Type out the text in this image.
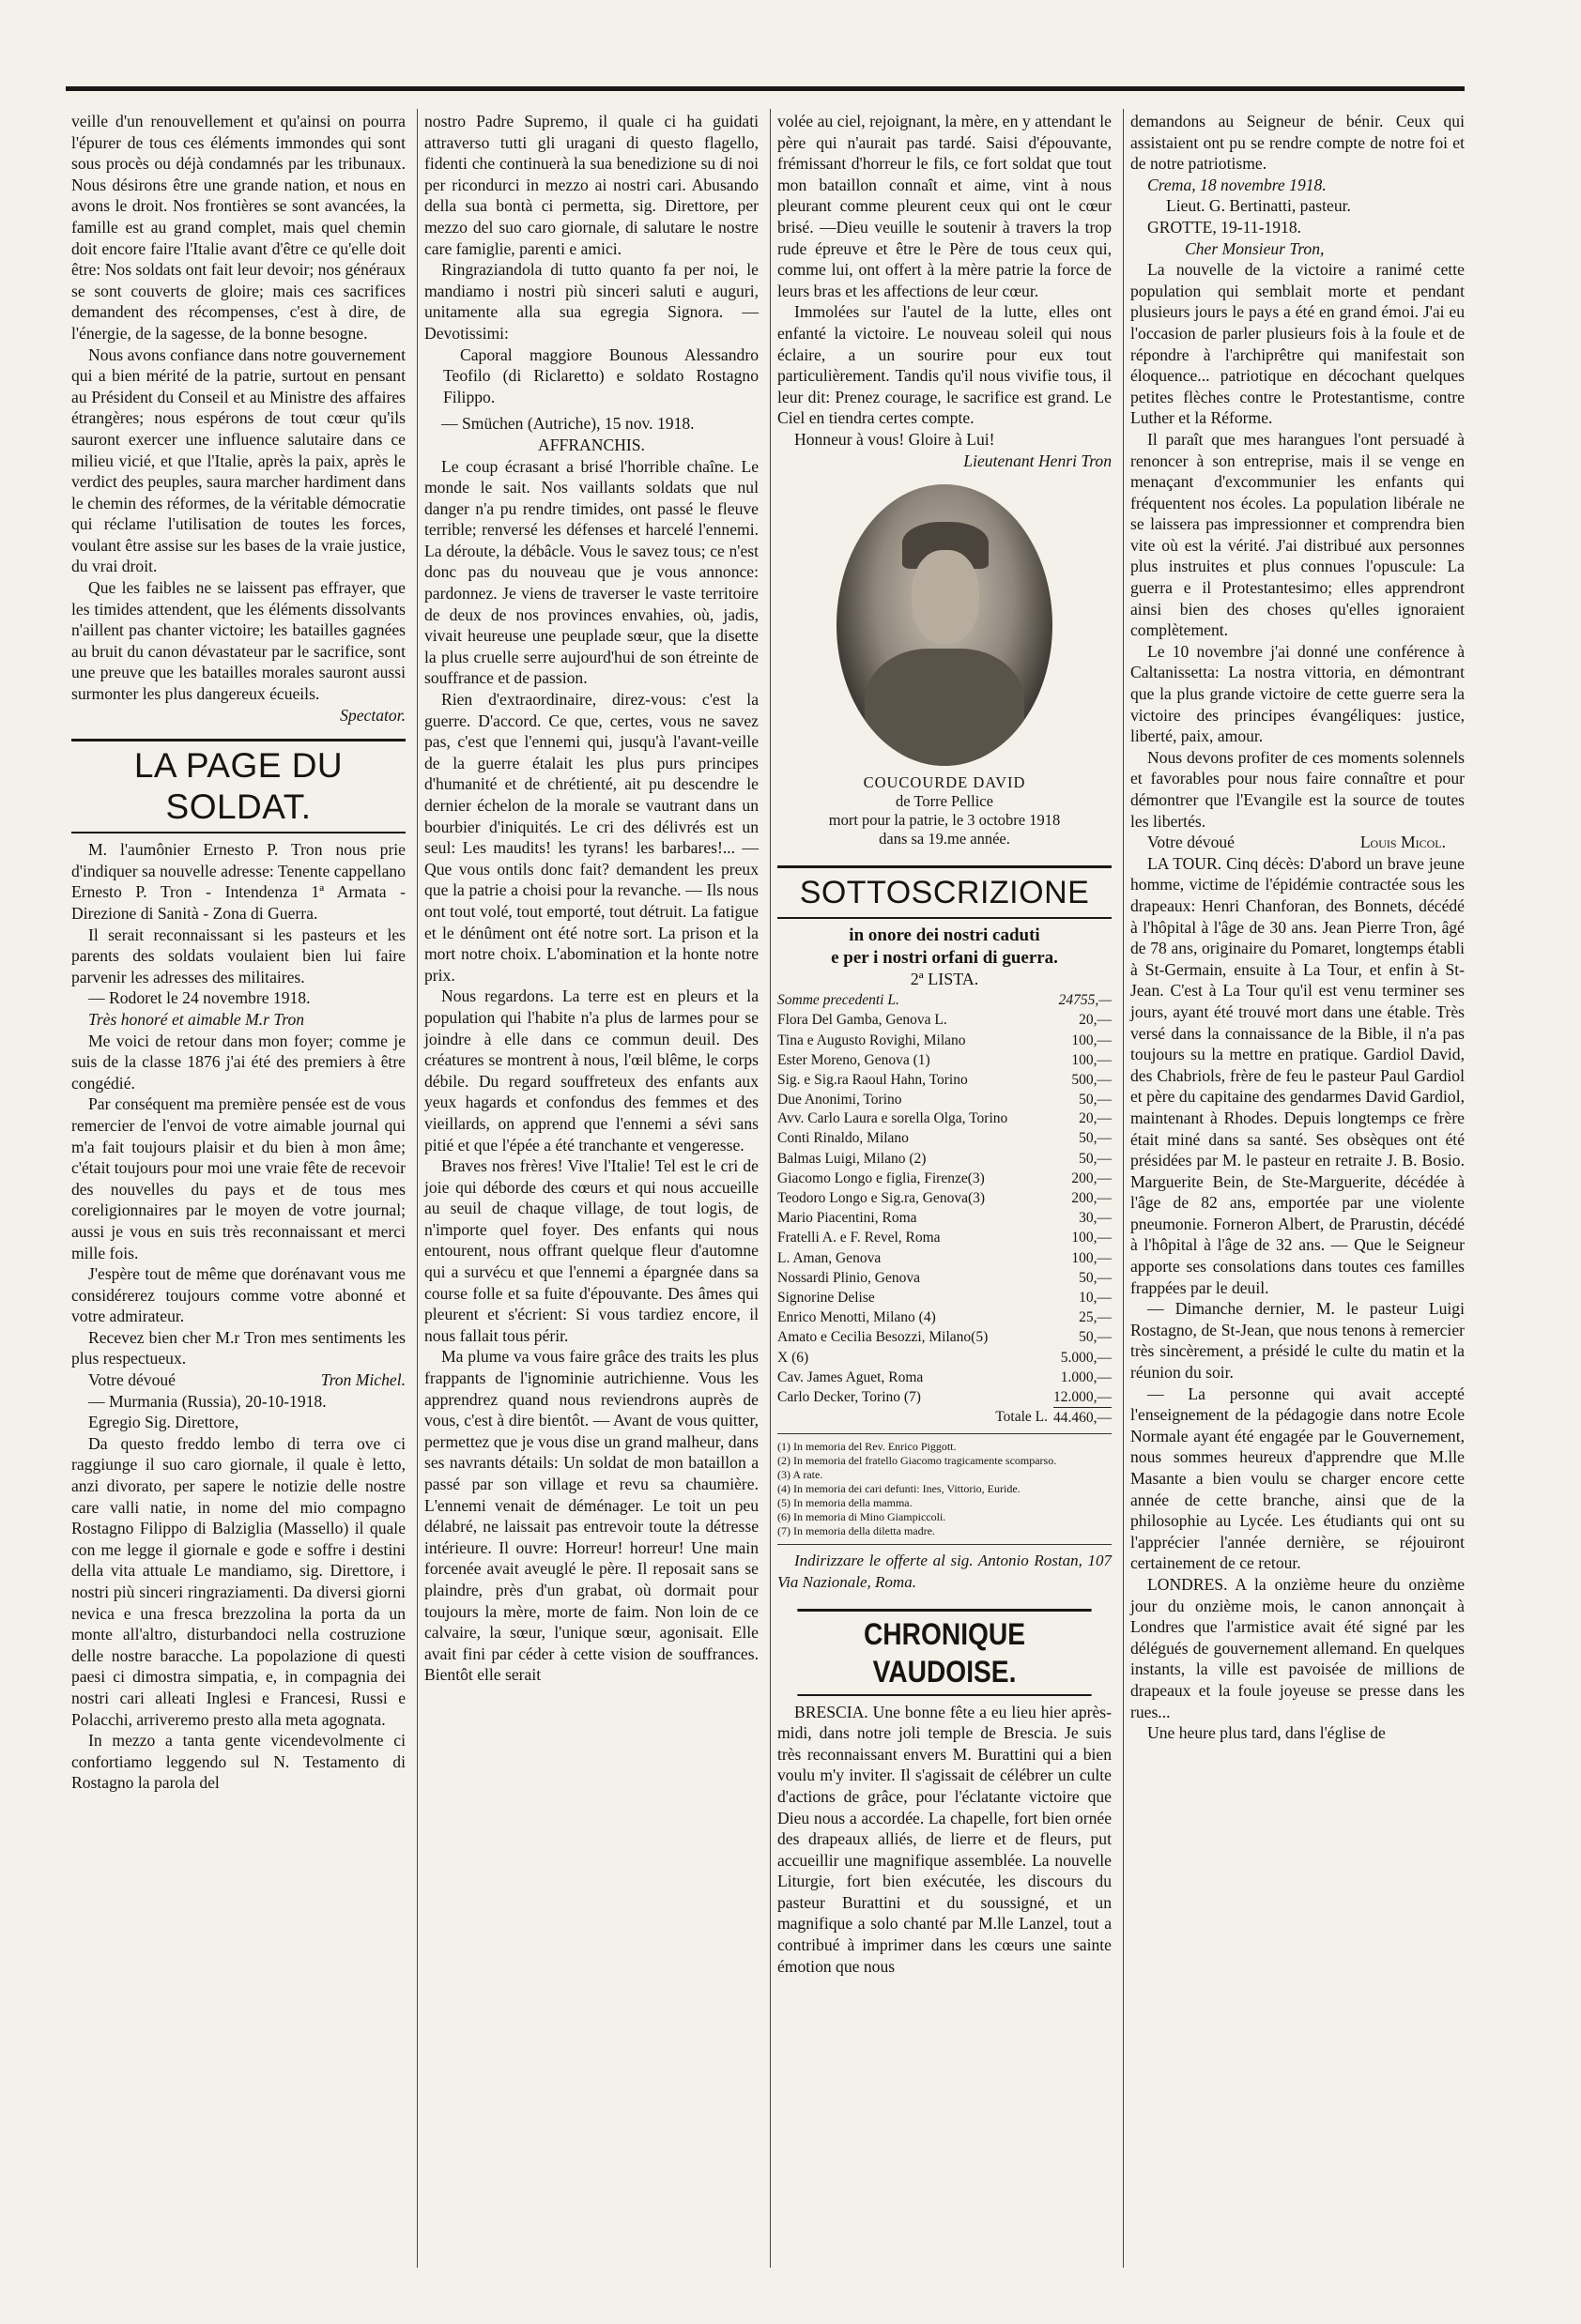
veille d'un renouvellement et qu'ainsi on pourra l'épurer de tous ces éléments immondes qui sont sous procès ou déjà condamnés par les tribunaux. Nous désirons être une grande nation, et nous en avons le droit. Nos frontières se sont avancées, la famille est au grand complet, mais quel chemin doit encore faire l'Italie avant d'être ce qu'elle doit être: Nos soldats ont fait leur devoir; nos généraux se sont couverts de gloire; mais ces sacrifices demandent des récompenses, c'est à dire, de l'énergie, de la sagesse, de la bonne besogne.

Nous avons confiance dans notre gouvernement qui a bien mérité de la patrie, surtout en pensant au Président du Conseil et au Ministre des affaires étrangères; nous espérons de tout cœur qu'ils sauront exercer une influence salutaire dans ce milieu vicié, et que l'Italie, après la paix, après le verdict des peuples, saura marcher hardiment dans le chemin des réformes, de la véritable démocratie qui réclame l'utilisation de toutes les forces, voulant être assise sur les bases de la vraie justice, du vrai droit.

Que les faibles ne se laissent pas effrayer, que les timides attendent, que les éléments dissolvants n'aillent pas chanter victoire; les batailles gagnées au bruit du canon dévastateur par le sacrifice, sont une preuve que les batailles morales sauront aussi surmonter les plus dangereux écueils.

Spectator.

LA PAGE DU SOLDAT.

M. l'aumônier Ernesto P. Tron nous prie d'indiquer sa nouvelle adresse: Tenente cappellano Ernesto P. Tron - Intendenza 1ª Armata - Direzione di Sanità - Zona di Guerra.

Il serait reconnaissant si les pasteurs et les parents des soldats voulaient bien lui faire parvenir les adresses des militaires.

— Rodoret le 24 novembre 1918.

Très honoré et aimable M.r Tron

Me voici de retour dans mon foyer; comme je suis de la classe 1876 j'ai été des premiers à être congédié.

Par conséquent ma première pensée est de vous remercier de l'envoi de votre aimable journal qui m'a fait toujours plaisir et du bien à mon âme; c'était toujours pour moi une vraie fête de recevoir des nouvelles du pays et de tous mes coreligionnaires par le moyen de votre journal; aussi je vous en suis très reconnaissant et merci mille fois.

J'espère tout de même que dorénavant vous me considérerez toujours comme votre abonné et votre admirateur.

Recevez bien cher M.r Tron mes sentiments les plus respectueux.

Votre dévoué	Tron Michel.

— Murmania (Russia), 20-10-1918.

Egregio Sig. Direttore,

Da questo freddo lembo di terra ove ci raggiunge il suo caro giornale, il quale è letto, anzi divorato, per sapere le notizie delle nostre care valli natie, in nome del mio compagno Rostagno Filippo di Balziglia (Massello) il quale con me legge il giornale e gode e soffre i destini della vita attuale Le mandiamo, sig. Direttore, i nostri più sinceri ringraziamenti. Da diversi giorni nevica e una fresca brezzolina la porta da un monte all'altro, disturbandoci nella costruzione delle nostre baracche. La popolazione di questi paesi ci dimostra simpatia, e, in compagnia dei nostri cari alleati Inglesi e Francesi, Russi e Polacchi, arriveremo presto alla meta agognata.

In mezzo a tanta gente vicendevolmente ci confortiamo leggendo sul N. Testamento di Rostagno la parola del

nostro Padre Supremo, il quale ci ha guidati attraverso tutti gli uragani di questo flagello, fidenti che continuerà la sua benedizione su di noi per ricondurci in mezzo ai nostri cari. Abusando della sua bontà ci permetta, sig. Direttore, per mezzo del suo caro giornale, di salutare le nostre care famiglie, parenti e amici.

Ringraziandola di tutto quanto fa per noi, le mandiamo i nostri più sinceri saluti e auguri, unitamente alla sua egregia Signora. — Devotissimi:

Caporal maggiore Bounous Alessandro Teofilo (di Riclaretto) e soldato Rostagno Filippo.

— Smüchen (Autriche), 15 nov. 1918.

AFFRANCHIS.

Le coup écrasant a brisé l'horrible chaîne. Le monde le sait. Nos vaillants soldats que nul danger n'a pu rendre timides, ont passé le fleuve terrible; renversé les défenses et harcelé l'ennemi. La déroute, la débâcle. Vous le savez tous; ce n'est donc pas du nouveau que je vous annonce: pardonnez. Je viens de traverser le vaste territoire de deux de nos provinces envahies, où, jadis, vivait heureuse une peuplade sœur, que la disette la plus cruelle serre aujourd'hui de son étreinte de souffrance et de passion.

Rien d'extraordinaire, direz-vous: c'est la guerre. D'accord. Ce que, certes, vous ne savez pas, c'est que l'ennemi qui, jusqu'à l'avant-veille de la guerre étalait les plus purs principes d'humanité et de chrétienté, ait pu descendre le dernier échelon de la morale se vautrant dans un bourbier d'iniquités. Le cri des délivrés est un seul: Les maudits! les tyrans! les barbares!... — Que vous ontils donc fait? demandent les preux que la patrie a choisi pour la revanche. — Ils nous ont tout volé, tout emporté, tout détruit. La fatigue et le dénûment ont été notre sort. La prison et la mort notre choix. L'abomination et la honte notre prix.

Nous regardons. La terre est en pleurs et la population qui l'habite n'a plus de larmes pour se joindre à elle dans ce commun deuil. Des créatures se montrent à nous, l'œil blême, le corps débile. Du regard souffreteux des enfants aux yeux hagards et confondus des femmes et des vieillards, on apprend que l'ennemi a sévi sans pitié et que l'épée a été tranchante et vengeresse.

Braves nos frères! Vive l'Italie! Tel est le cri de joie qui déborde des cœurs et qui nous accueille au seuil de chaque village, de tout logis, de n'importe quel foyer. Des enfants qui nous entourent, nous offrant quelque fleur d'automne qui a survécu et que l'ennemi a épargnée dans sa course folle et sa fuite d'épouvante. Des âmes qui pleurent et s'écrient: Si vous tardiez encore, il nous fallait tous périr.

Ma plume va vous faire grâce des traits les plus frappants de l'ignominie autrichienne. Vous les apprendrez quand nous reviendrons auprès de vous, c'est à dire bientôt. — Avant de vous quitter, permettez que je vous dise un grand malheur, dans ses navrants détails: Un soldat de mon bataillon a passé par son village et revu sa chaumière. L'ennemi venait de déménager. Le toit un peu délabré, ne laissait pas entrevoir toute la détresse intérieure. Il ouvre: Horreur! horreur! Une main forcenée avait aveuglé le père. Il reposait sans se plaindre, près d'un grabat, où dormait pour toujours la mère, morte de faim. Non loin de ce calvaire, la sœur, l'unique sœur, agonisait. Elle avait fini par céder à cette vision de souffrances. Bientôt elle serait

volée au ciel, rejoignant, la mère, en y attendant le père qui n'aurait pas tardé. Saisi d'épouvante, frémissant d'horreur le fils, ce fort soldat que tout mon bataillon connaît et aime, vint à nous pleurant comme pleurent ceux qui ont le cœur brisé. —Dieu veuille le soutenir à travers la trop rude épreuve et être le Père de tous ceux qui, comme lui, ont offert à la mère patrie la force de leurs bras et les affections de leur cœur.

Immolées sur l'autel de la lutte, elles ont enfanté la victoire. Le nouveau soleil qui nous éclaire, a un sourire pour eux tout particulièrement. Tandis qu'il nous vivifie tous, il leur dit: Prenez courage, le sacrifice est grand. Le Ciel en tiendra certes compte.

Honneur à vous! Gloire à Lui!

Lieutenant Henri Tron

COUCOURDE DAVID
de Torre Pellice
mort pour la patrie, le 3 octobre 1918
dans sa 19.me année.
SOTTOSCRIZIONE
in onore dei nostri caduti
e per i nostri orfani di guerra.
2ª LISTA.
Somme precedenti L.	24755,—
Flora Del Gamba, Genova L.	20,—
Tina e Augusto Rovighi, Milano	100,—
Ester Moreno, Genova (1)	100,—
Sig. e Sig.ra Raoul Hahn, Torino	500,—
Due Anonimi, Torino	50,—
Avv. Carlo Laura e sorella Olga, Torino	20,—
Conti Rinaldo, Milano	50,—
Balmas Luigi, Milano (2)	50,—
Giacomo Longo e figlia, Firenze(3)	200,—
Teodoro Longo e Sig.ra, Genova(3)	200,—
Mario Piacentini, Roma	30,—
Fratelli A. e F. Revel, Roma	100,—
L. Aman, Genova	100,—
Nossardi Plinio, Genova	50,—
Signorine Delise	10,—
Enrico Menotti, Milano (4)	25,—
Amato e Cecilia Besozzi, Milano(5)	50,—
X (6)	5.000,—
Cav. James Aguet, Roma	1.000,—
Carlo Decker, Torino (7)	12.000,—
Totale L. 44.460,—
(1) In memoria del Rev. Enrico Piggott.
(2) In memoria del fratello Giacomo tragicamente scomparso.
(3) A rate.
(4) In memoria dei cari defunti: Ines, Vittorio, Euride.
(5) In memoria della mamma.
(6) In memoria di Mino Giampiccoli.
(7) In memoria della diletta madre.

Indirizzare le offerte al sig. Antonio Rostan, 107 Via Nazionale, Roma.

CHRONIQUE VAUDOISE.

BRESCIA. Une bonne fête a eu lieu hier après-midi, dans notre joli temple de Brescia. Je suis très reconnaissant envers M. Burattini qui a bien voulu m'y inviter. Il s'agissait de célébrer un culte d'actions de grâce, pour l'éclatante victoire que Dieu nous a accordée. La chapelle, fort bien ornée des drapeaux alliés, de lierre et de fleurs, put accueillir une magnifique assemblée. La nouvelle Liturgie, fort bien exécutée, les discours du pasteur Burattini et du soussigné, et un magnifique a solo chanté par M.lle Lanzel, tout a contribué à imprimer dans les cœurs une sainte émotion que nous

demandons au Seigneur de bénir. Ceux qui assistaient ont pu se rendre compte de notre foi et de notre patriotisme.

Crema, 18 novembre 1918.

Lieut. G. Bertinatti, pasteur.

GROTTE, 19-11-1918.

Cher Monsieur Tron,

La nouvelle de la victoire a ranimé cette population qui semblait morte et pendant plusieurs jours le pays a été en grand émoi. J'ai eu l'occasion de parler plusieurs fois à la foule et de répondre à l'archiprêtre qui manifestait son éloquence... patriotique en décochant quelques petites flèches contre le Protestantisme, contre Luther et la Réforme.

Il paraît que mes harangues l'ont persuadé à renoncer à son entreprise, mais il se venge en menaçant d'excommunier les enfants qui fréquentent nos écoles. La population libérale ne se laissera pas impressionner et comprendra bien vite où est la vérité. J'ai distribué aux personnes plus instruites et plus connues l'opuscule: La guerra e il Protestantesimo; elles apprendront ainsi bien des choses qu'elles ignoraient complètement.

Le 10 novembre j'ai donné une conférence à Caltanissetta: La nostra vittoria, en démontrant que la plus grande victoire de cette guerre sera la victoire des principes évangéliques: justice, liberté, paix, amour.

Nous devons profiter de ces moments solennels et favorables pour nous faire connaître et pour démontrer que l'Evangile est la source de toutes les libertés.

Votre dévoué	Louis Micol.

LA TOUR. Cinq décès: D'abord un brave jeune homme, victime de l'épidémie contractée sous les drapeaux: Henri Chanforan, des Bonnets, décédé à l'hôpital à l'âge de 30 ans. Jean Pierre Tron, âgé de 78 ans, originaire du Pomaret, longtemps établi à St-Germain, ensuite à La Tour, et enfin à St-Jean. C'est à La Tour qu'il est venu terminer ses jours, ayant été trouvé mort dans une étable. Très versé dans la connaissance de la Bible, il n'a pas toujours su la mettre en pratique. Gardiol David, des Chabriols, frère de feu le pasteur Paul Gardiol et père du capitaine des gendarmes David Gardiol, maintenant à Rhodes. Depuis longtemps ce frère était miné dans sa santé. Ses obsèques ont été présidées par M. le pasteur en retraite J. B. Bosio. Marguerite Bein, de Ste-Marguerite, décédée à l'âge de 82 ans, emportée par une violente pneumonie. Forneron Albert, de Prarustin, décédé à l'hôpital à l'âge de 32 ans. — Que le Seigneur apporte ses consolations dans toutes ces familles frappées par le deuil.

— Dimanche dernier, M. le pasteur Luigi Rostagno, de St-Jean, que nous tenons à remercier très sincèrement, a présidé le culte du matin et la réunion du soir.

— La personne qui avait accepté l'enseignement de la pédagogie dans notre Ecole Normale ayant été engagée par le Gouvernement, nous sommes heureux d'apprendre que M.lle Masante a bien voulu se charger encore cette année de cette branche, ainsi que de la philosophie au Lycée. Les étudiants qui ont su l'apprécier l'année dernière, se réjouiront certainement de ce retour.

LONDRES. A la onzième heure du onzième jour du onzième mois, le canon annonçait à Londres que l'armistice avait été signé par les délégués de gouvernement allemand. En quelques instants, la ville est pavoisée de millions de drapeaux et la foule joyeuse se presse dans les rues...

Une heure plus tard, dans l'église de
